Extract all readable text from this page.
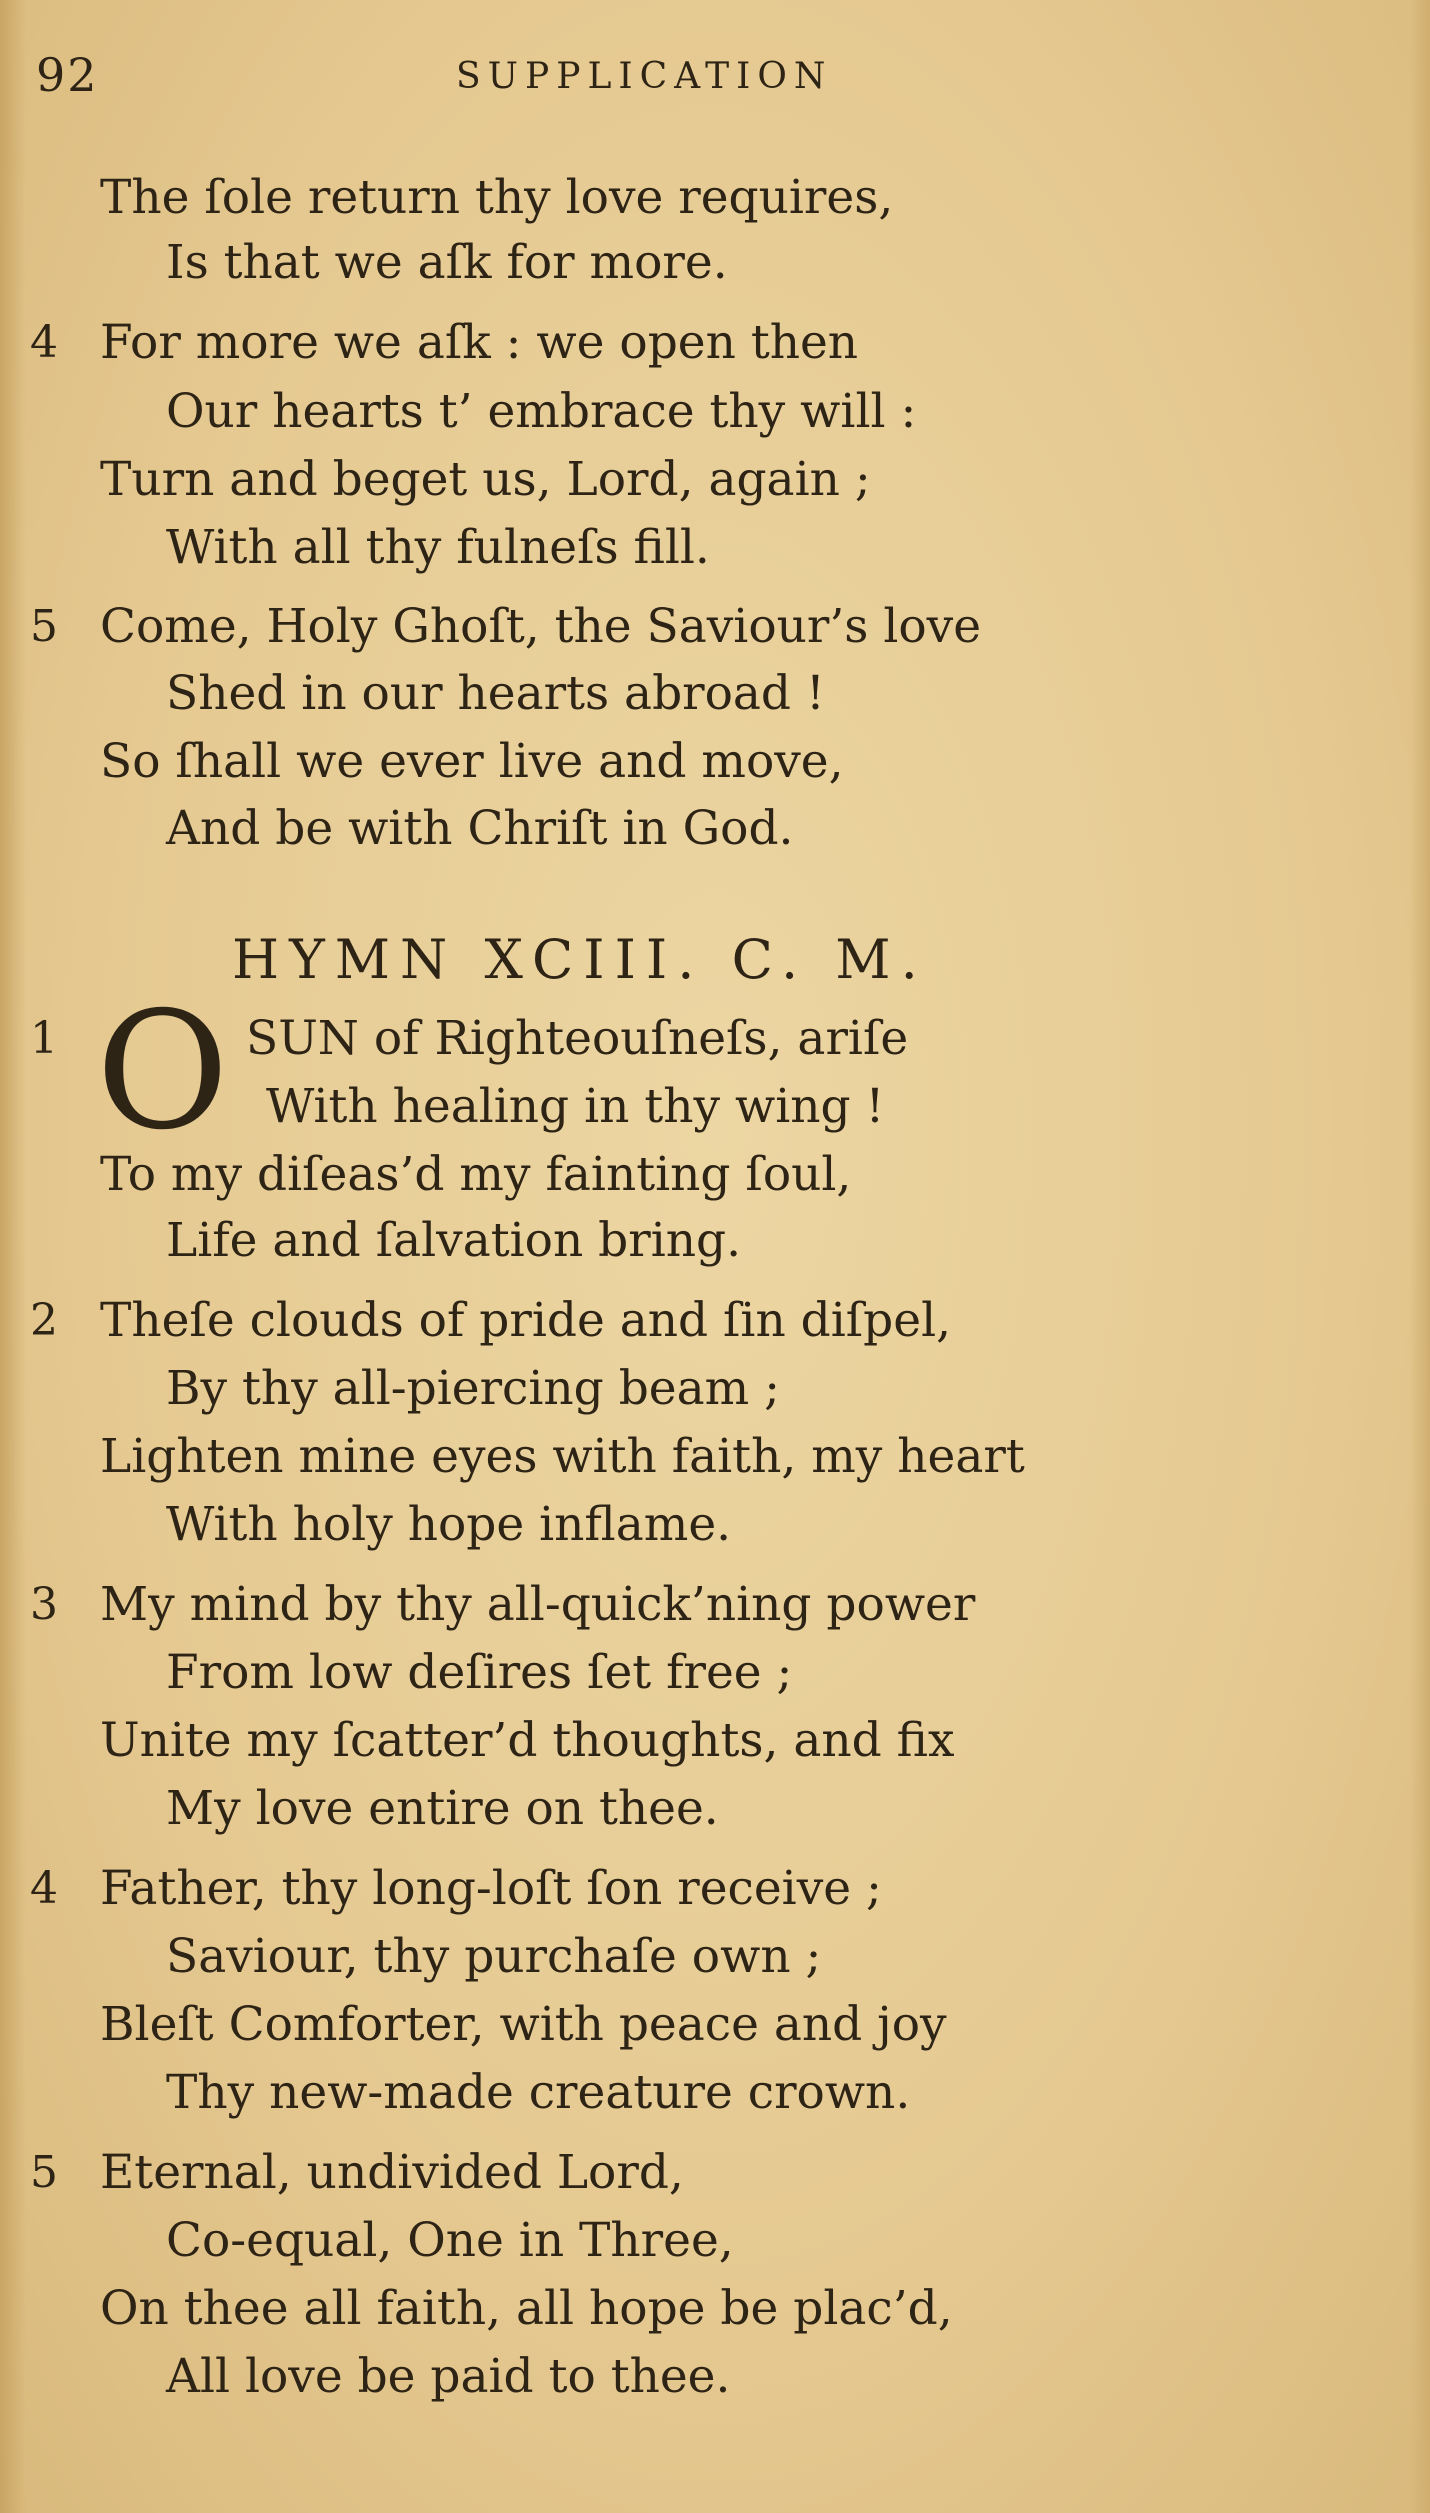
92	SUPPLICATION
The ſole return thy love requires,
Is that we aſk for more.
4 For more we aſk : we open then
Our hearts t’ embrace thy will :
Turn and beget us, Lord, again ;
With all thy fulneſs fill.
5 Come, Holy Ghoſt, the Saviour’s love
Shed in our hearts abroad !
So ſhall we ever live and move,
And be with Chriſt in God.
HYMN XCIII. C. M.
1 O SUN of Righteouſneſs, ariſe
With healing in thy wing !
To my diſeas’d my fainting ſoul,
Life and ſalvation bring.
2 Theſe clouds of pride and ſin diſpel,
By thy all-piercing beam ;
Lighten mine eyes with faith, my heart
With holy hope inflame.
3 My mind by thy all-quick’ning power
From low deſires ſet free ;
Unite my ſcatter’d thoughts, and fix
My love entire on thee.
4 Father, thy long-loſt ſon receive ;
Saviour, thy purchaſe own ;
Bleſt Comforter, with peace and joy
Thy new-made creature crown.
5 Eternal, undivided Lord,
Co-equal, One in Three,
On thee all faith, all hope be plac’d,
All love be paid to thee.
